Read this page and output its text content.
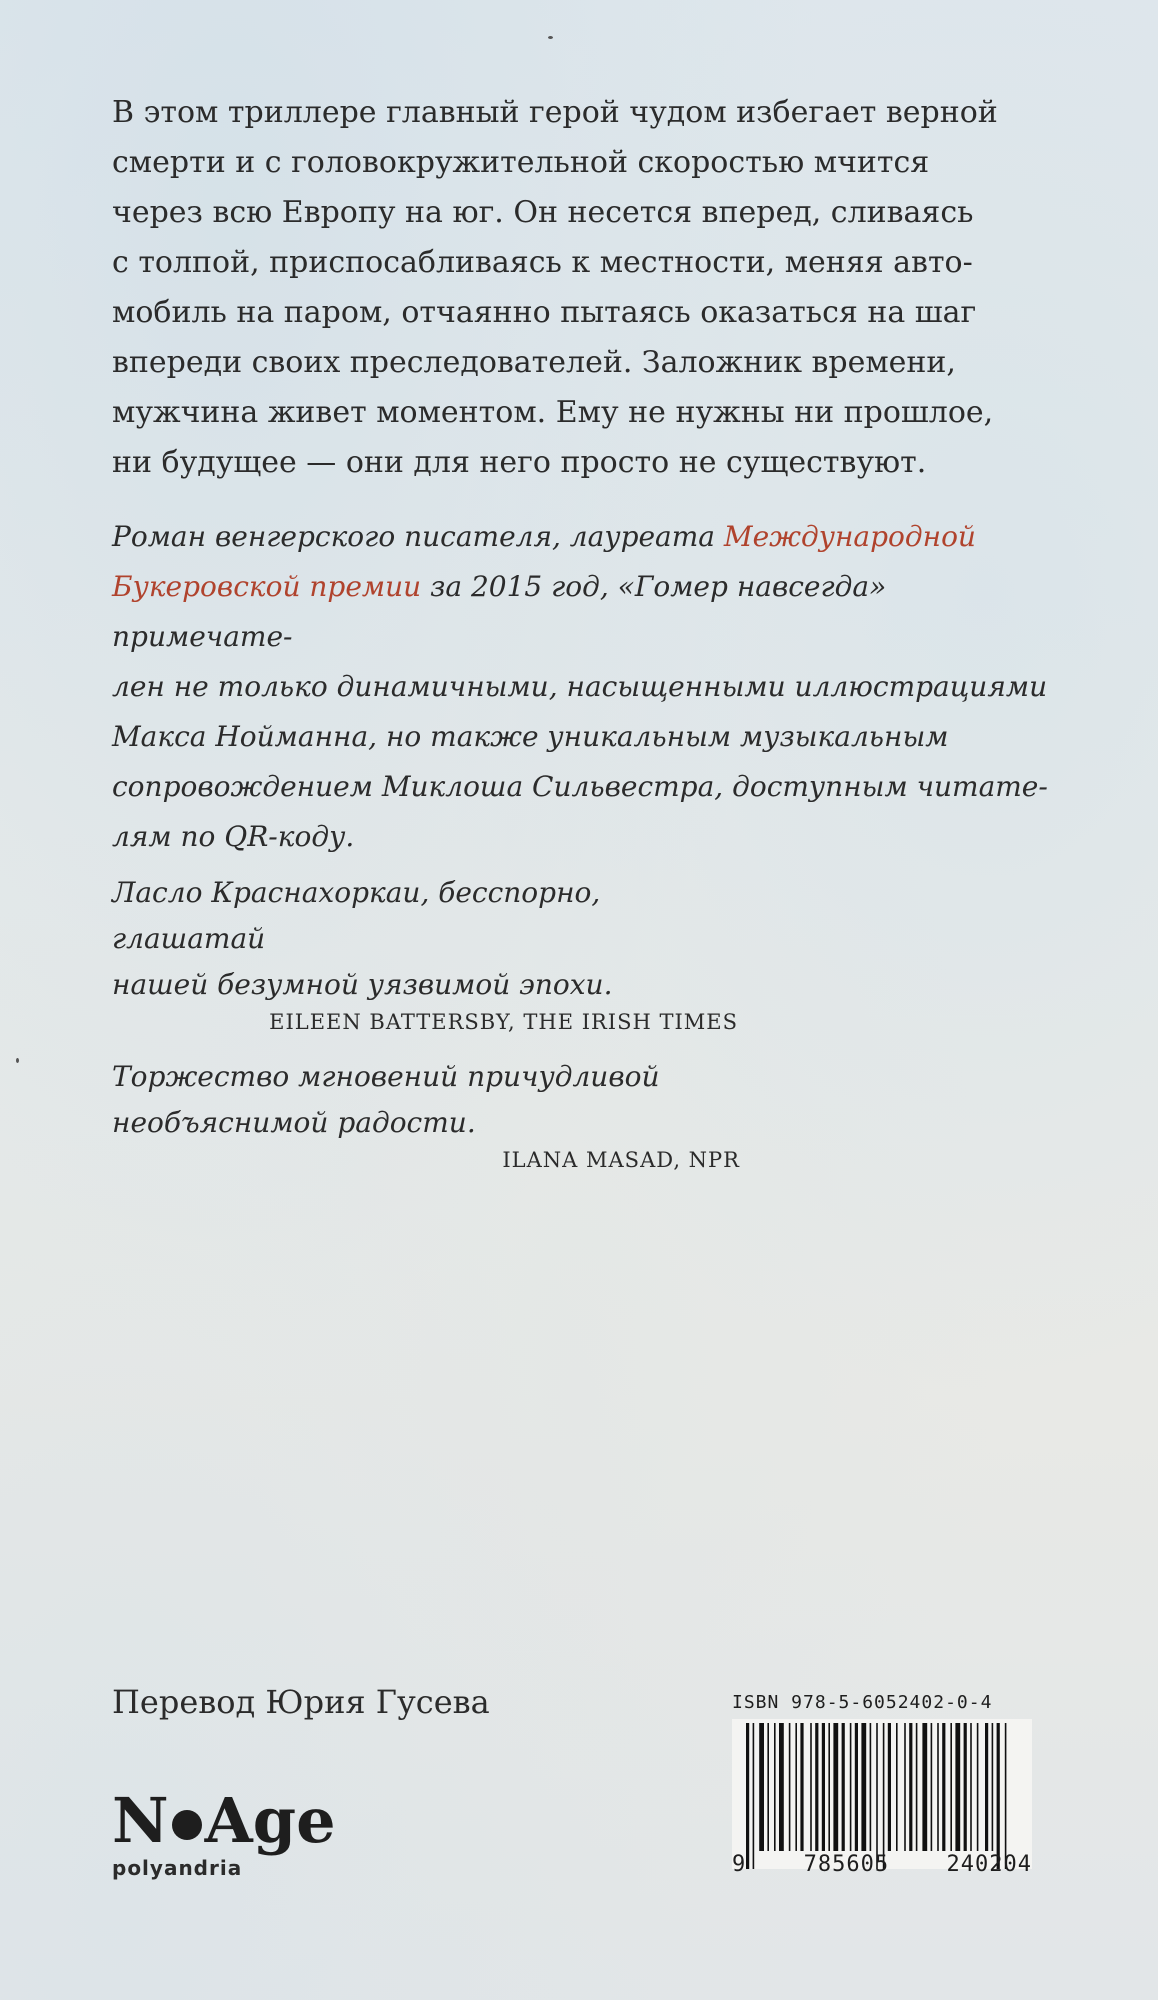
В этом триллере главный герой чудом избегает верной
смерти и с головокружительной скоростью мчится
через всю Европу на юг. Он несется вперед, сливаясь
с толпой, приспосабливаясь к местности, меняя авто-
мобиль на паром, отчаянно пытаясь оказаться на шаг
впереди своих преследователей. Заложник времени,
мужчина живет моментом. Ему не нужны ни прошлое,
ни будущее — они для него просто не существуют.
Роман венгерского писателя, лауреата Международной
Букеровской премии за 2015 год, «Гомер навсегда» примечате-
лен не только динамичными, насыщенными иллюстрациями
Макса Нойманна, но также уникальным музыкальным
сопровождением Миклоша Сильвестра, доступным читате-
лям по QR-коду.
Ласло Краснахоркаи, бесспорно, глашатай
нашей безумной уязвимой эпохи.
EILEEN BATTERSBY, THE IRISH TIMES
Торжество мгновений причудливой
необъяснимой радости.
ILANA MASAD, NPR
Перевод Юрия Гусева
N Age
polyandria
ISBN 978-5-6052402-0-4
9	785605	240204
